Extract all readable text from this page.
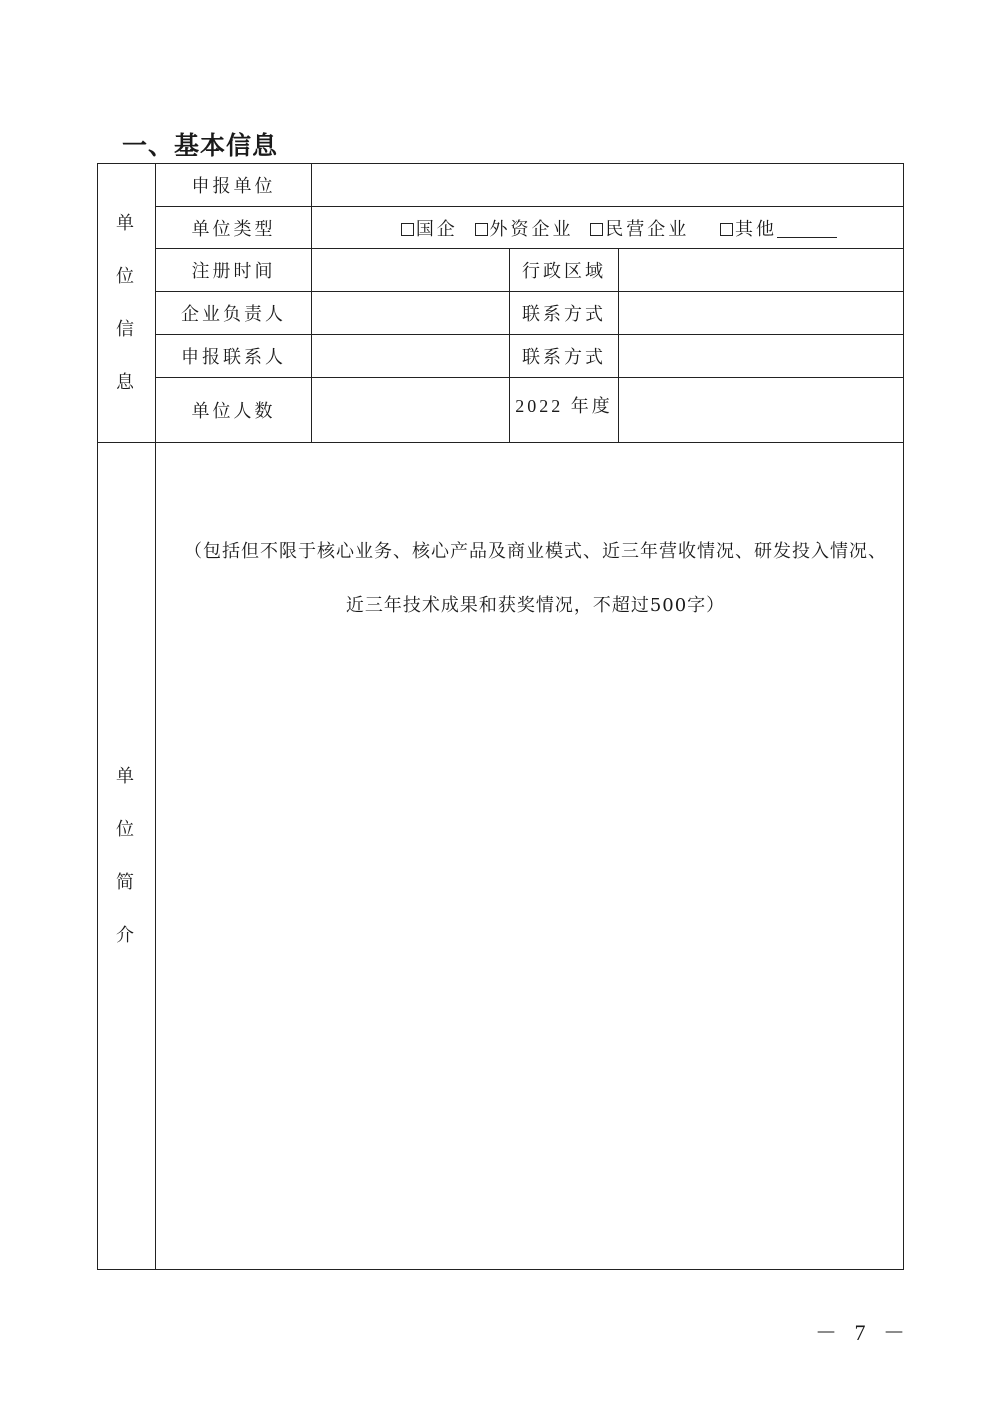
一、基本信息
单
位
信
息	申报单位			
	单位类型	国企 外资企业 民营企业 其他		
	注册时间		行政区域	
	企业负责人		联系方式	
	申报联系人		联系方式	
	单位人数		2022 年度	

单
位
简
介	（包括但不限于核心业务、核心产品及商业模式、近三年营收情况、研发投入情况、
近三年技术成果和获奖情况，不超过500字）			

－ 7 －
